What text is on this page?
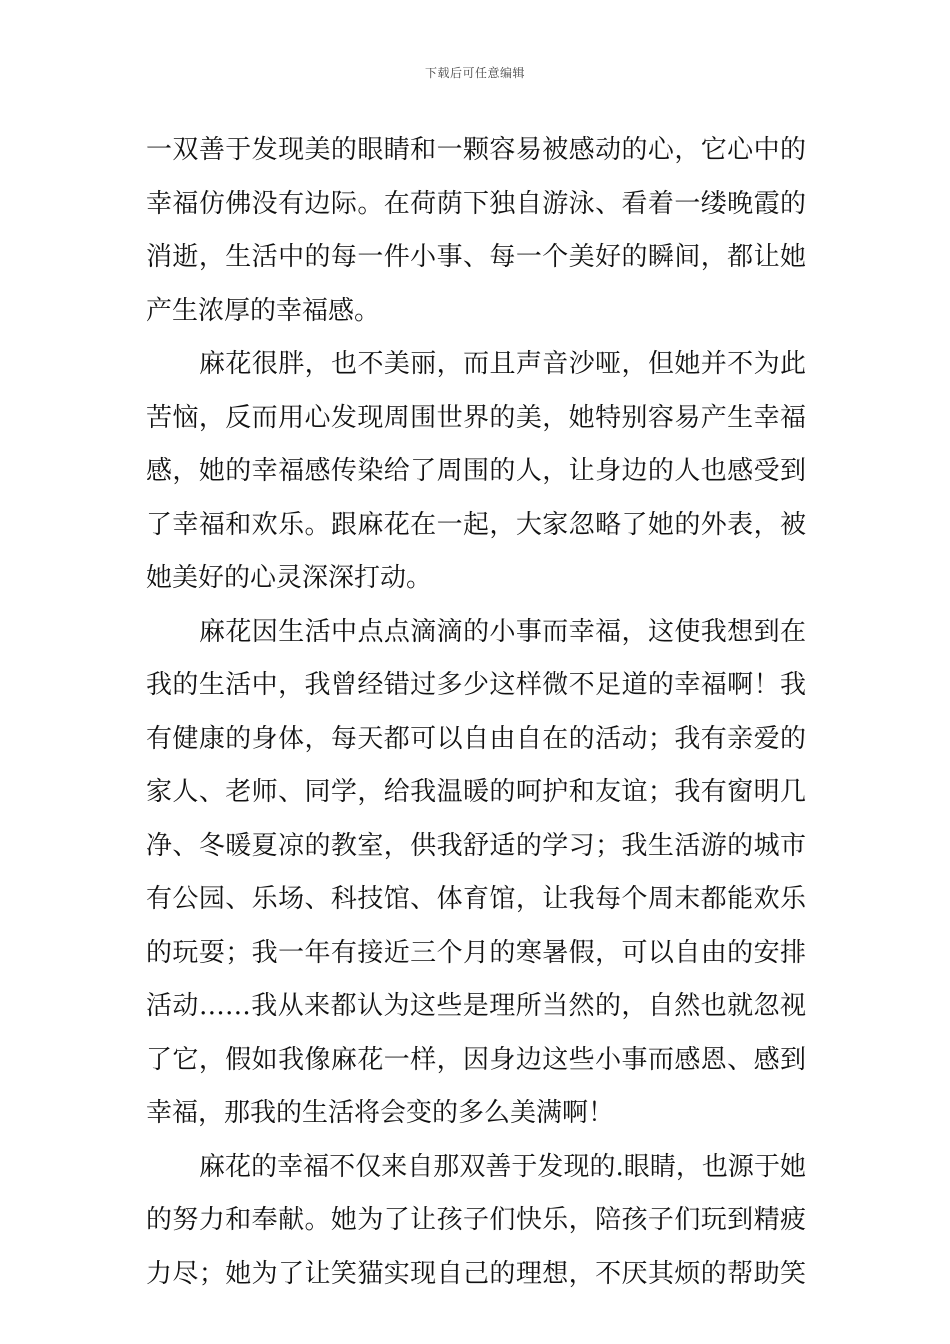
下载后可任意编辑
一双善于发现美的眼睛和一颗容易被感动的心，它心中的
幸福仿佛没有边际。在荷荫下独自游泳、看着一缕晚霞的
消逝，生活中的每一件小事、每一个美好的瞬间，都让她
产生浓厚的幸福感。
麻花很胖，也不美丽，而且声音沙哑，但她并不为此
苦恼，反而用心发现周围世界的美，她特别容易产生幸福
感，她的幸福感传染给了周围的人，让身边的人也感受到
了幸福和欢乐。跟麻花在一起，大家忽略了她的外表，被
她美好的心灵深深打动。
麻花因生活中点点滴滴的小事而幸福，这使我想到在
我的生活中，我曾经错过多少这样微不足道的幸福啊！我
有健康的身体，每天都可以自由自在的活动；我有亲爱的
家人、老师、同学，给我温暖的呵护和友谊；我有窗明几
净、冬暖夏凉的教室，供我舒适的学习；我生活游的城市
有公园、乐场、科技馆、体育馆，让我每个周末都能欢乐
的玩耍；我一年有接近三个月的寒暑假，可以自由的安排
活动……我从来都认为这些是理所当然的，自然也就忽视
了它，假如我像麻花一样，因身边这些小事而感恩、感到
幸福，那我的生活将会变的多么美满啊！
麻花的幸福不仅来自那双善于发现的.眼睛，也源于她
的努力和奉献。她为了让孩子们快乐，陪孩子们玩到精疲
力尽；她为了让笑猫实现自己的理想，不厌其烦的帮助笑
